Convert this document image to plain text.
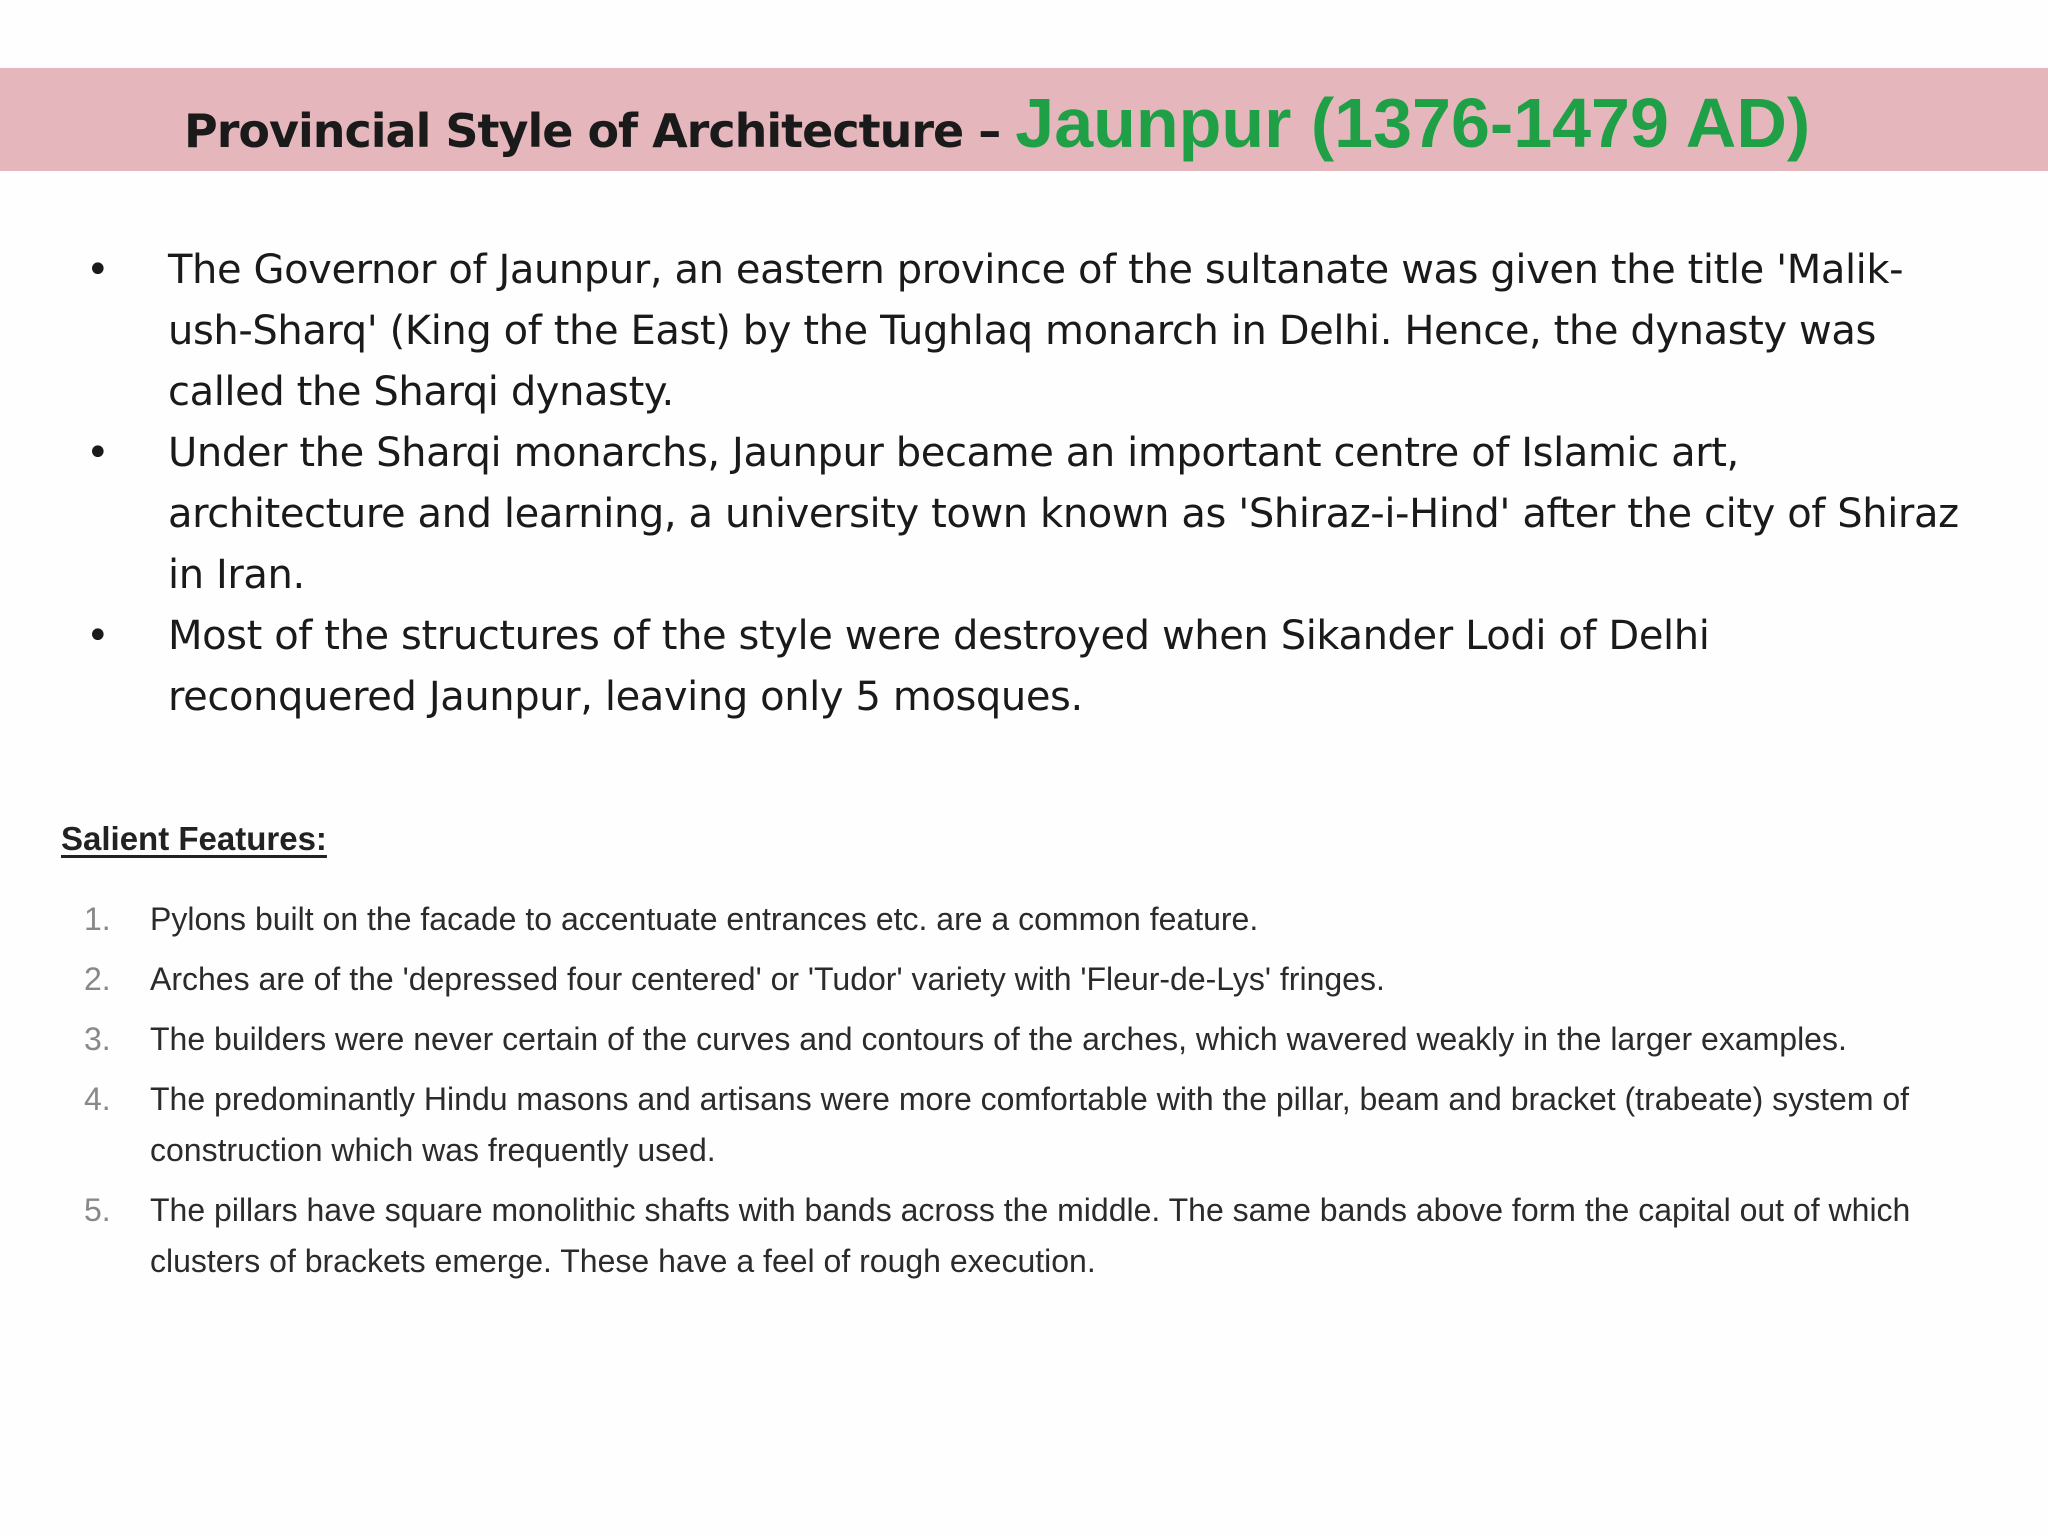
Provincial Style of Architecture – Jaunpur (1376-1479 AD)
• The Governor of Jaunpur, an eastern province of the sultanate was given the title 'Malik-ush-Sharq' (King of the East) by the Tughlaq monarch in Delhi. Hence, the dynasty was called the Sharqi dynasty.
• Under the Sharqi monarchs, Jaunpur became an important centre of Islamic art, architecture and learning, a university town known as 'Shiraz-i-Hind' after the city of Shiraz in Iran.
• Most of the structures of the style were destroyed when Sikander Lodi of Delhi reconquered Jaunpur, leaving only 5 mosques.
Salient Features:
1. Pylons built on the facade to accentuate entrances etc. are a common feature.
2. Arches are of the 'depressed four centered' or 'Tudor' variety with 'Fleur-de-Lys' fringes.
3. The builders were never certain of the curves and contours of the arches, which wavered weakly in the larger examples.
4. The predominantly Hindu masons and artisans were more comfortable with the pillar, beam and bracket (trabeate) system of construction which was frequently used.
5. The pillars have square monolithic shafts with bands across the middle. The same bands above form the capital out of which clusters of brackets emerge. These have a feel of rough execution.
